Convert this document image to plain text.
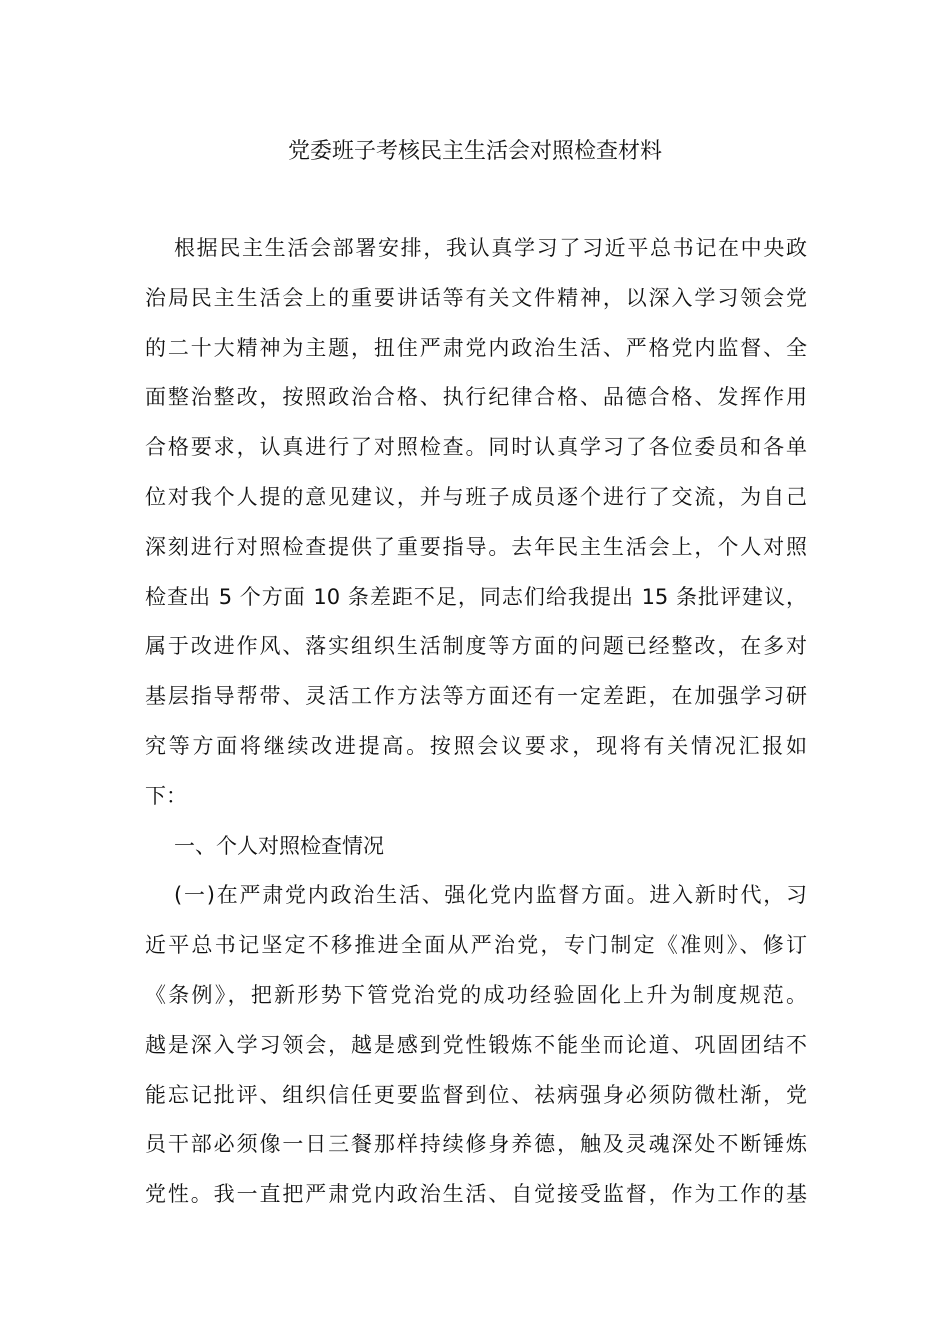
党委班子考核民主生活会对照检查材料
根据民主生活会部署安排，我认真学习了习近平总书记在中央政
治局民主生活会上的重要讲话等有关文件精神，以深入学习领会党
的二十大精神为主题，扭住严肃党内政治生活、严格党内监督、全
面整治整改，按照政治合格、执行纪律合格、品德合格、发挥作用
合格要求，认真进行了对照检查。同时认真学习了各位委员和各单
位对我个人提的意见建议，并与班子成员逐个进行了交流，为自己
深刻进行对照检查提供了重要指导。去年民主生活会上，个人对照
检查出 5 个方面 10 条差距不足，同志们给我提出 15 条批评建议，
属于改进作风、落实组织生活制度等方面的问题已经整改，在多对
基层指导帮带、灵活工作方法等方面还有一定差距，在加强学习研
究等方面将继续改进提高。按照会议要求，现将有关情况汇报如
下：
一、个人对照检查情况
(一)在严肃党内政治生活、强化党内监督方面。进入新时代，习
近平总书记坚定不移推进全面从严治党，专门制定《准则》、修订
《条例》，把新形势下管党治党的成功经验固化上升为制度规范。
越是深入学习领会，越是感到党性锻炼不能坐而论道、巩固团结不
能忘记批评、组织信任更要监督到位、祛病强身必须防微杜渐，党
员干部必须像一日三餐那样持续修身养德，触及灵魂深处不断锤炼
党性。我一直把严肃党内政治生活、自觉接受监督，作为工作的基
